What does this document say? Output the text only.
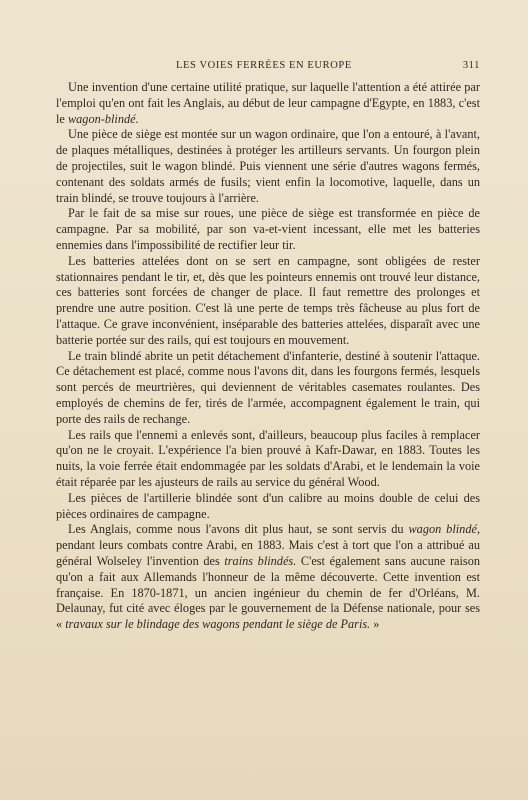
LES VOIES FERRÉES EN EUROPE	311

Une invention d'une certaine utilité pratique, sur laquelle l'attention a été attirée par l'emploi qu'en ont fait les Anglais, au début de leur campagne d'Egypte, en 1883, c'est le wagon-blindé.

Une pièce de siège est montée sur un wagon ordinaire, que l'on a entouré, à l'avant, de plaques métalliques, destinées à protéger les artilleurs servants. Un fourgon plein de projectiles, suit le wagon blindé. Puis viennent une série d'autres wagons fermés, contenant des soldats armés de fusils; vient enfin la locomotive, laquelle, dans un train blindé, se trouve toujours à l'arrière.

Par le fait de sa mise sur roues, une pièce de siège est transformée en pièce de campagne. Par sa mobilité, par son va-et-vient incessant, elle met les batteries ennemies dans l'impossibilité de rectifier leur tir.

Les batteries attelées dont on se sert en campagne, sont obligées de rester stationnaires pendant le tir, et, dès que les pointeurs ennemis ont trouvé leur distance, ces batteries sont forcées de changer de place. Il faut remettre des prolonges et prendre une autre position. C'est là une perte de temps très fâcheuse au plus fort de l'attaque. Ce grave inconvénient, inséparable des batteries attelées, disparaît avec une batterie portée sur des rails, qui est toujours en mouvement.

Le train blindé abrite un petit détachement d'infanterie, destiné à soutenir l'attaque. Ce détachement est placé, comme nous l'avons dit, dans les fourgons fermés, lesquels sont percés de meurtrières, qui deviennent de véritables casemates roulantes. Des employés de chemins de fer, tirés de l'armée, accompagnent également le train, qui porte des rails de rechange.

Les rails que l'ennemi a enlevés sont, d'ailleurs, beaucoup plus faciles à remplacer qu'on ne le croyait. L'expérience l'a bien prouvé à Kafr-Dawar, en 1883. Toutes les nuits, la voie ferrée était endommagée par les soldats d'Arabi, et le lendemain la voie était réparée par les ajusteurs de rails au service du général Wood.

Les pièces de l'artillerie blindée sont d'un calibre au moins double de celui des pièces ordinaires de campagne.

Les Anglais, comme nous l'avons dit plus haut, se sont servis du wagon blindé, pendant leurs combats contre Arabi, en 1883. Mais c'est à tort que l'on a attribué au général Wolseley l'invention des trains blindés. C'est également sans aucune raison qu'on a fait aux Allemands l'honneur de la même découverte. Cette invention est française. En 1870-1871, un ancien ingénieur du chemin de fer d'Orléans, M. Delaunay, fut cité avec éloges par le gouvernement de la Défense nationale, pour ses « travaux sur le blindage des wagons pendant le siège de Paris. »
